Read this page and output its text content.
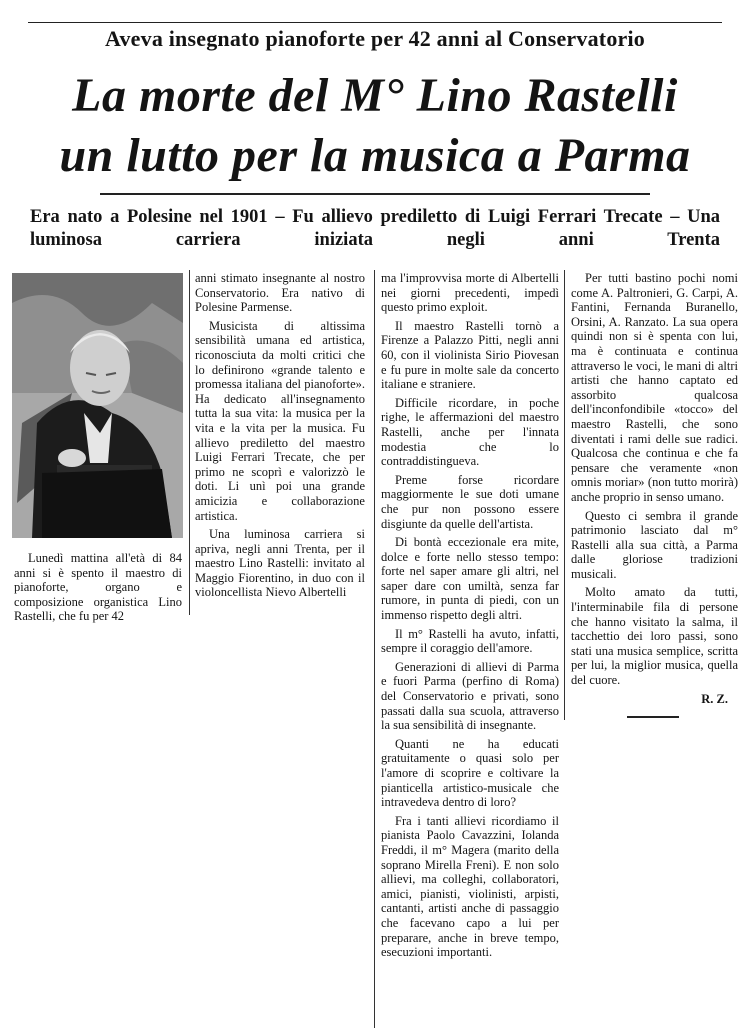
Aveva insegnato pianoforte per 42 anni al Conservatorio
La morte del M° Lino Rastelli
un lutto per la musica a Parma
Era nato a Polesine nel 1901 – Fu allievo prediletto di Luigi Ferrari Trecate – Una luminosa carriera iniziata negli anni Trenta

Lunedì mattina all'età di 84 anni si è spento il maestro di pianoforte, organo e composizione organistica Lino Rastelli, che fu per 42

anni stimato insegnante al nostro Conservatorio. Era nativo di Polesine Parmense.

Musicista di altissima sensibilità umana ed artistica, riconosciuta da molti critici che lo definirono «grande talento e promessa italiana del pianoforte». Ha dedicato all'insegnamento tutta la sua vita: la musica per la vita e la vita per la musica. Fu allievo prediletto del maestro Luigi Ferrari Trecate, che per primo ne scoprì e valorizzò le doti. Li unì poi una grande amicizia e collaborazione artistica.

Una luminosa carriera si apriva, negli anni Trenta, per il maestro Lino Rastelli: invitato al Maggio Fiorentino, in duo con il violoncellista Nievo Albertelli

ma l'improvvisa morte di Albertelli nei giorni precedenti, impedì questo primo exploit.

Il maestro Rastelli tornò a Firenze a Palazzo Pitti, negli anni 60, con il violinista Sirio Piovesan e fu pure in molte sale da concerto italiane e straniere.

Difficile ricordare, in poche righe, le affermazioni del maestro Rastelli, anche per l'innata modestia che lo contraddistingueva.

Preme forse ricordare maggiormente le sue doti umane che pur non possono essere disgiunte da quelle dell'artista.

Di bontà eccezionale era mite, dolce e forte nello stesso tempo: forte nel saper amare gli altri, nel saper dare con umiltà, senza far rumore, in punta di piedi, con un immenso rispetto degli altri.

Il m° Rastelli ha avuto, infatti, sempre il coraggio dell'amore.

Generazioni di allievi di Parma e fuori Parma (perfino di Roma) del Conservatorio e privati, sono passati dalla sua scuola, attraverso la sua sensibilità di insegnante.

Quanti ne ha educati gratuitamente o quasi solo per l'amore di scoprire e coltivare la pianticella artistico-musicale che intravedeva dentro di loro?

Fra i tanti allievi ricordiamo il pianista Paolo Cavazzini, Iolanda Freddi, il m° Magera (marito della soprano Mirella Freni). E non solo allievi, ma colleghi, collaboratori, amici, pianisti, violinisti, arpisti, cantanti, artisti anche di passaggio che facevano capo a lui per preparare, anche in breve tempo, esecuzioni importanti.

Per tutti bastino pochi nomi come A. Paltronieri, G. Carpi, A. Fantini, Fernanda Buranello, Orsini, A. Ranzato. La sua opera quindi non si è spenta con lui, ma è continuata e continua attraverso le voci, le mani di altri artisti che hanno captato ed assorbito qualcosa dell'inconfondibile «tocco» del maestro Rastelli, che sono diventati i rami delle sue radici. Qualcosa che continua e che fa pensare che veramente «non omnis moriar» (non tutto morirà) anche proprio in senso umano.

Questo ci sembra il grande patrimonio lasciato dal m° Rastelli alla sua città, a Parma dalle gloriose tradizioni musicali.

Molto amato da tutti, l'interminabile fila di persone che hanno visitato la salma, il tacchettio dei loro passi, sono stati una musica semplice, scritta per lui, la miglior musica, quella del cuore.

R. Z.
